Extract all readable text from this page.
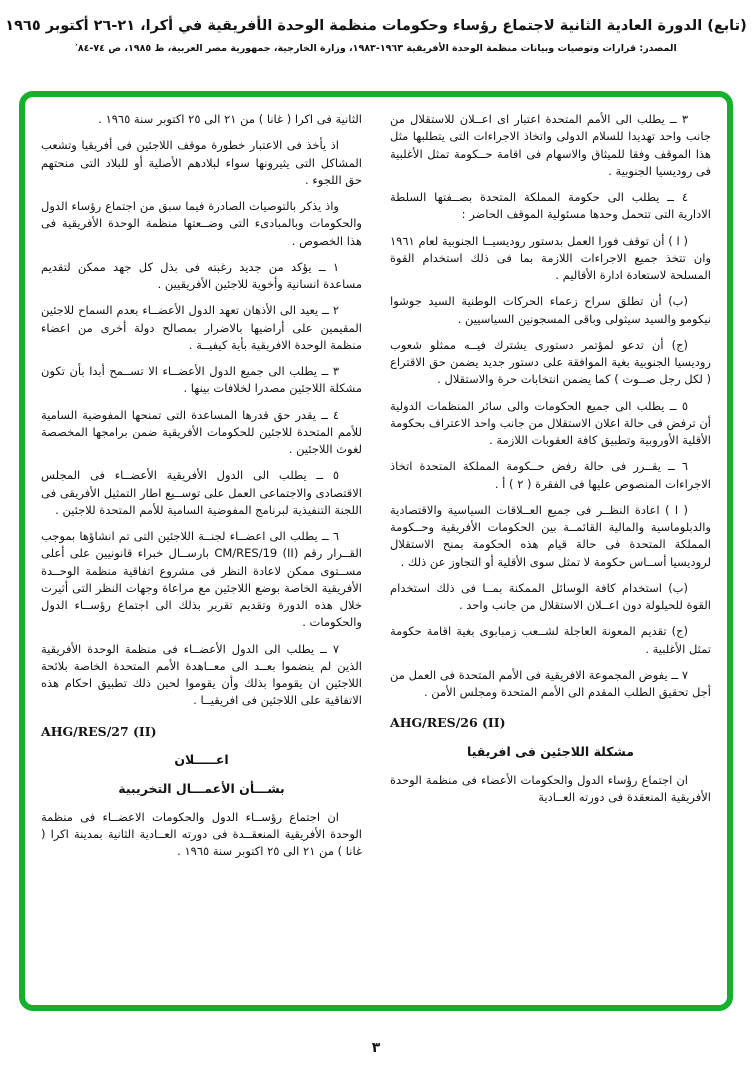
(تابع) الدورة العادية الثانية لاجتماع رؤساء وحكومات منظمة الوحدة الأفريقية في أكرا، ٢١-٢٦ أكتوبر ١٩٦٥
المصدر: قرارات وتوصيات وبيانات منظمة الوحدة الأفريقية ١٩٦٣-١٩٨٣، وزارة الخارجية، جمهورية مصر العربية، ط ١٩٨٥، ص ٧٤-٨٤′
٣ ــ يطلب الى الأمم المتحدة اعتبار اى اعــلان للاستقلال من جانب واحد تهديدا للسلام الدولى واتخاذ الاجراءات التى يتطلبها مثل هذا الموقف وفقا للميثاق والاسهام فى اقامة حــكومة تمثل الأغلبية فى روديسيا الجنوبية .
٤ ــ يطلب الى حكومة المملكة المتحدة بصــفتها السلطة الادارية التى تتحمل وحدها مسئولية الموقف الحاضر :
( ا ) أن توقف فورا العمل بدستور روديسيــا الجنوبية لعام ١٩٦١ وان تتخذ جميع الاجراءات اللازمة بما فى ذلك استخدام القوة المسلحة لاستعادة ادارة الأقاليم .
(ب) أن تطلق سراح زعماء الحركات الوطنية السيد جوشوا نيكومو والسيد سيثولى وباقى المسجونين السياسيين .
(ج) أن تدعو لمؤتمر دستورى يشترك فيــه ممثلو شعوب روديسيا الجنوبية بغية الموافقة على دستور جديد يضمن حق الاقتراع ( لكل رجل صــوت ) كما يضمن انتخابات حرة والاستقلال .
٥ ــ يطلب الى جميع الحكومات والى سائر المنظمات الدولية أن ترفض فى حالة اعلان الاستقلال من جانب واحد الاعتراف بحكومة الأقلية الأوروبية وتطبيق كافة العقوبات اللازمة .
٦ ــ يقــرر فى حالة رفض حــكومة المملكة المتحدة اتخاذ الاجراءات المنصوص عليها فى الفقرة ( ٢ ) أ .
( ا ) اعادة النظــر فى جميع العــلاقات السياسية والاقتصادية والدبلوماسية والمالية القائمــة بين الحكومات الأفريقية وحــكومة المملكة المتحدة فى حالة قيام هذه الحكومة بمنح الاستقلال لروديسيا أســاس حكومة لا تمثل سوى الأقلية أو التجاوز عن ذلك .
(ب) استخدام كافة الوسائل الممكنة بمــا فى ذلك استخدام القوة للحيلولة دون اعــلان الاستقلال من جانب واحد .
(ج) تقديم المعونة العاجلة لشــعب زمبابوى بغية اقامة حكومة تمثل الأغلبية .
٧ ــ يفوض المجموعة الافريقية فى الأمم المتحدة فى العمل من أجل تحقيق الطلب المقدم الى الأمم المتحدة ومجلس الأمن .
AHG/RES/26 (II)
مشكلة اللاجئين فى افريقيا
ان اجتماع رؤساء الدول والحكومات الأعضاء فى منظمة الوحدة الأفريقية المنعقدة فى دورته العــادية
الثانية فى اكرا ( غانا ) من ٢١ الى ٢٥ اكتوبر سنة ١٩٦٥ .
اذ يأخذ فى الاعتبار خطورة موقف اللاجئين فى أفريقيا وتشعب المشاكل التى يثيرونها سواء لبلادهم الأصلية أو للبلاد التى منحتهم حق اللجوء .
واذ يذكر بالتوصيات الصادرة فيما سبق من اجتماع رؤساء الدول والحكومات وبالمبادىء التى وضــعتها منظمة الوحدة الأفريقية فى هذا الخصوص .
١ ــ يؤكد من جديد رغبته فى بذل كل جهد ممكن لتقديم مساعدة انسانية وأخوية للاجئين الأفريقيين .
٢ ــ يعيد الى الأذهان تعهد الدول الأعضــاء بعدم السماح للاجئين المقيمين على أراضيها بالاضرار بمصالح دولة أخرى من اعضاء منظمة الوحدة الافريقية بأية كيفيــة .
٣ ــ يطلب الى جميع الدول الأعضــاء الا تســمح أبدا بأن تكون مشكلة اللاجئين مصدرا لخلافات بينها .
٤ ــ يقدر حق قدرها المساعدة التى تمنحها المفوضية السامية للأمم المتحدة للاجئين للحكومات الأفريقية ضمن برامجها المخصصة لغوث اللاجئين .
٥ ــ يطلب الى الدول الأفريقية الأعضــاء فى المجلس الاقتصادى والاجتماعى العمل على توســيع اطار التمثيل الأفريقى فى اللجنة التنفيذية لبرنامج المفوضية السامية للأمم المتحدة للاجئين .
٦ ــ يطلب الى اعضــاء لجنــة اللاجئين التى تم انشاؤها بموجب القــرار رقم CM/RES/19 (II) بارســال خبراء قانونيين على أعلى مســتوى ممكن لاعادة النظر فى مشروع اتفاقية منظمة الوحــدة الأفريقية الخاصة بوضع اللاجئين مع مراعاة وجهات النظر التى أثيرت خلال هذه الدورة وتقديم تقرير بذلك الى اجتماع رؤســاء الدول والحكومات .
٧ ــ يطلب الى الدول الأعضــاء فى منظمة الوحدة الأفريقية الذين لم ينضموا بعــد الى معــاهدة الأمم المتحدة الخاصة بلائحة اللاجئين ان يقوموا بذلك وأن يقوموا لحين ذلك تطبيق احكام هذه الاتفاقية على اللاجئين فى افريقيــا .
AHG/RES/27 (II)
اعـــــلان
بشـــأن الأعمـــال التخريبية
ان اجتماع رؤســاء الدول والحكومات الاعضــاء فى منظمة الوحدة الأفريقية المنعقــدة فى دورته العــادية الثانية بمدينة اكرا ( غانا ) من ٢١ الى ٢٥ اكتوبر سنة ١٩٦٥ .
٣
